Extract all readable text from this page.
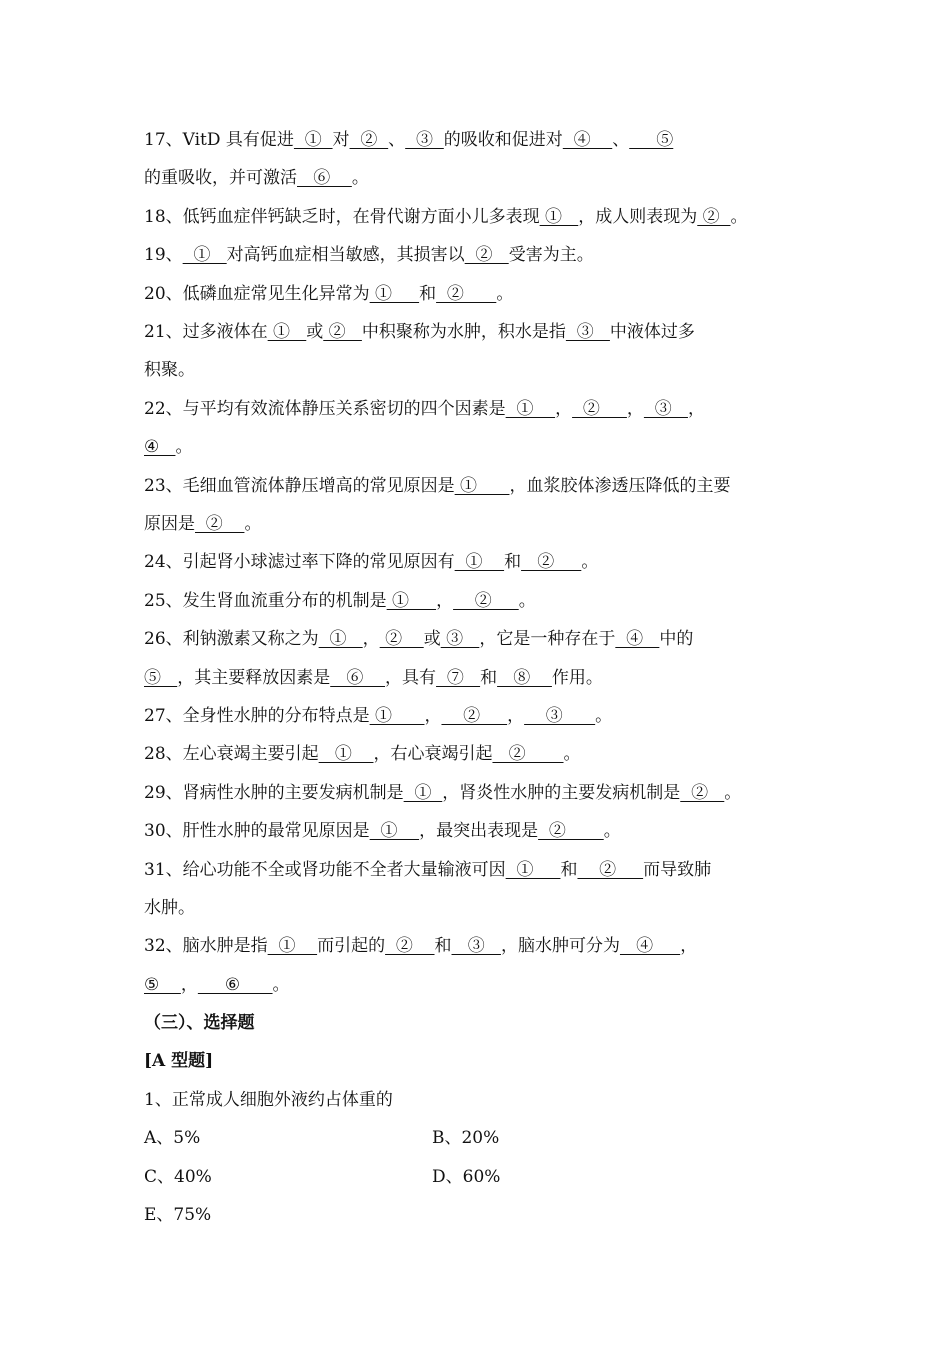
17、VitD 具有促进  ①  对  ②  、  ③  的吸收和促进对  ④    、     ⑤

的重吸收，并可激活   ⑥    。

18、低钙血症伴钙缺乏时，在骨代谢方面小儿多表现 ①   ，成人则表现为 ②  。

19、  ①   对高钙血症相当敏感，其损害以  ②   受害为主。

20、低磷血症常见生化异常为 ①     和  ②      。

21、过多液体在 ①   或 ②   中积聚称为水肿，积水是指  ③   中液体过多

积聚。

22、与平均有效流体静压关系密切的四个因素是  ①    ，  ②     ，  ③   ，

④   。

23、毛细血管流体静压增高的常见原因是 ①      ，血浆胶体渗透压降低的主要

原因是  ②    。

24、引起肾小球滤过率下降的常见原因有  ①    和   ②     。

25、发生肾血流重分布的机制是 ①     ，    ②     。

26、利钠激素又称之为  ①   ， ②    或 ③   ，它是一种存在于  ④   中的

⑤   ，其主要释放因素是   ⑥    ，具有  ⑦   和   ⑧    作用。

27、全身性水肿的分布特点是 ①      ，    ②     ，    ③      。

28、左心衰竭主要引起   ①    ，右心衰竭引起   ②       。

29、肾病性水肿的主要发病机制是  ①  ，肾炎性水肿的主要发病机制是  ②   。

30、肝性水肿的最常见原因是  ①    ，最突出表现是  ②       。

31、给心功能不全或肾功能不全者大量输液可因  ①     和    ②     而导致肺

水肿。

32、脑水肿是指  ①    而引起的  ②    和   ③   ，脑水肿可分为   ④     ，

⑤    ，     ⑥      。

（三）、选择题

[A 型题]

1、正常成人细胞外液约占体重的

A、5%	B、20%

C、40%	D、60%

E、75%
